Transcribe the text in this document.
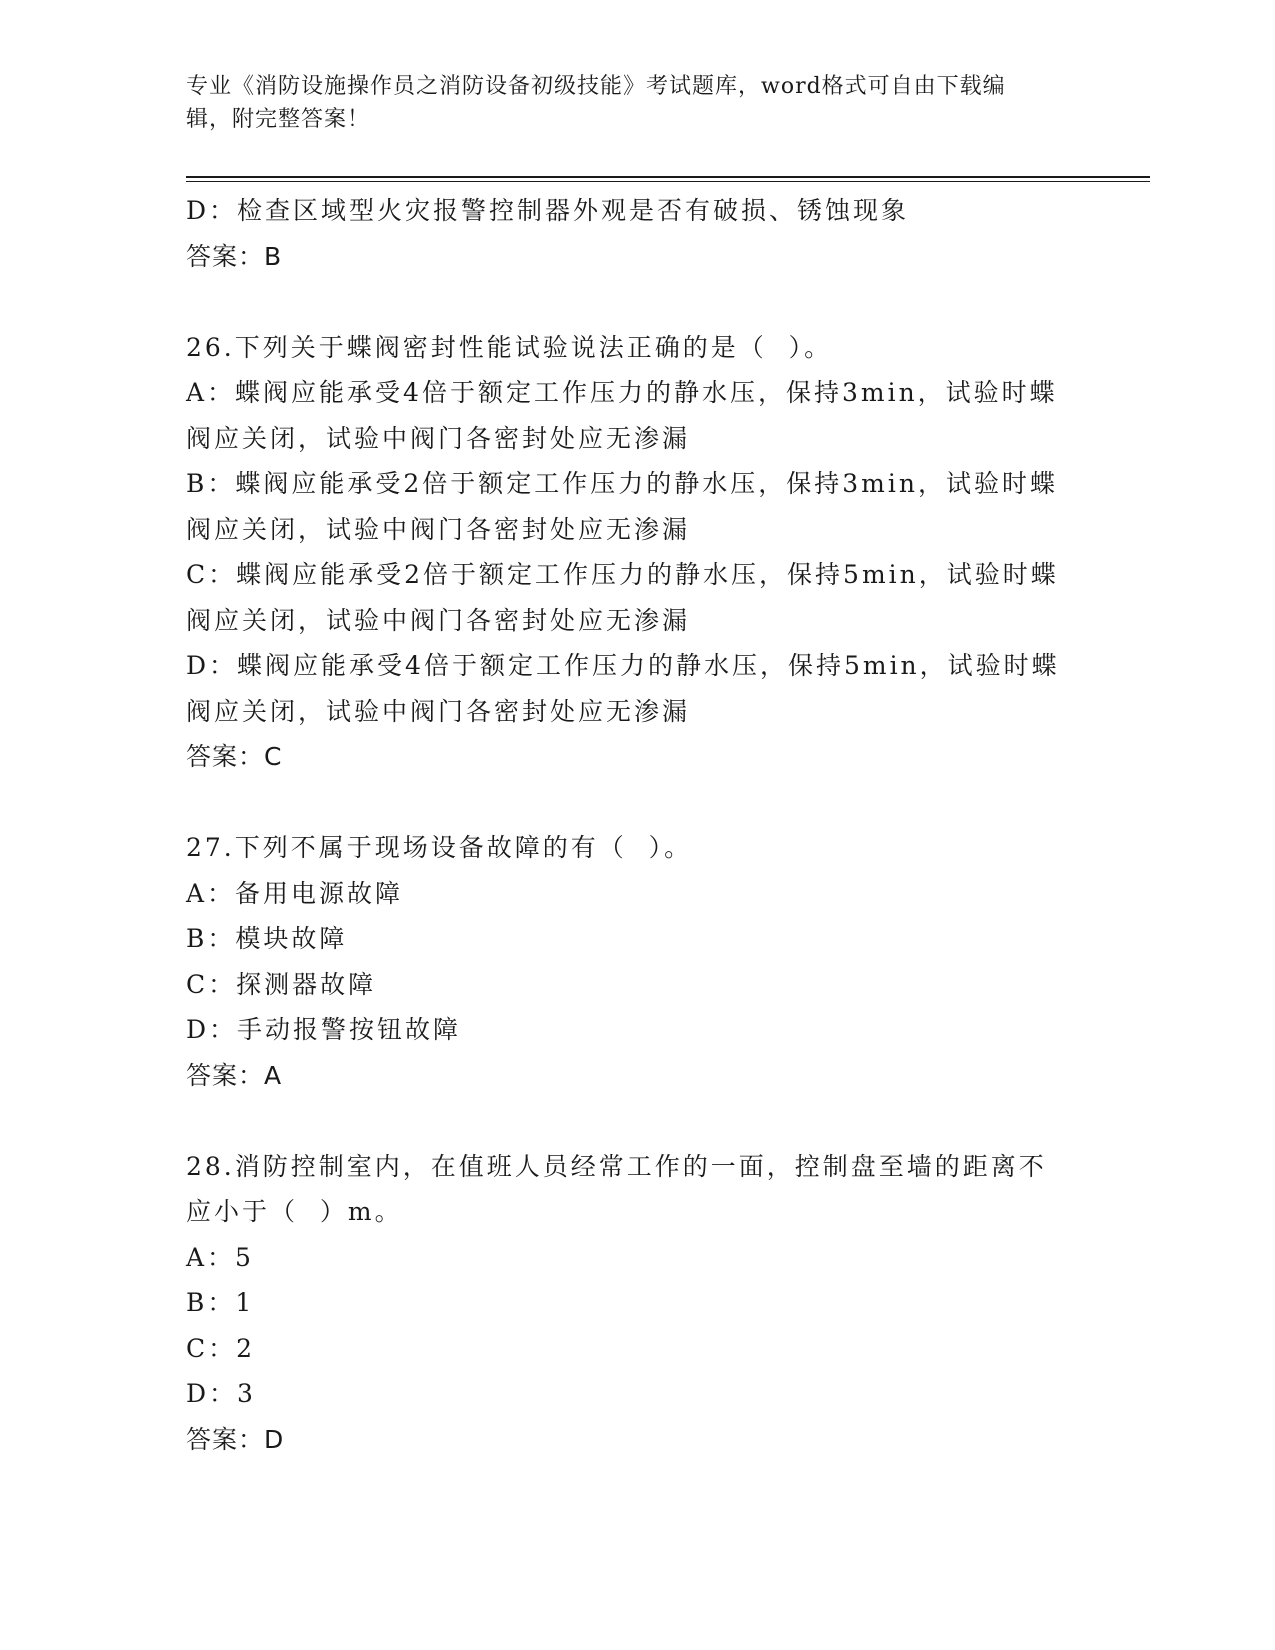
专业《消防设施操作员之消防设备初级技能》考试题库，word格式可自由下载编
辑，附完整答案！
D：检查区域型火灾报警控制器外观是否有破损、锈蚀现象
答案：B
26.下列关于蝶阀密封性能试验说法正确的是（  ）。
A：蝶阀应能承受4倍于额定工作压力的静水压，保持3min，试验时蝶
阀应关闭，试验中阀门各密封处应无渗漏
B：蝶阀应能承受2倍于额定工作压力的静水压，保持3min，试验时蝶
阀应关闭，试验中阀门各密封处应无渗漏
C：蝶阀应能承受2倍于额定工作压力的静水压，保持5min，试验时蝶
阀应关闭，试验中阀门各密封处应无渗漏
D：蝶阀应能承受4倍于额定工作压力的静水压，保持5min，试验时蝶
阀应关闭，试验中阀门各密封处应无渗漏
答案：C
27.下列不属于现场设备故障的有（  ）。
A：备用电源故障
B：模块故障
C：探测器故障
D：手动报警按钮故障
答案：A
28.消防控制室内，在值班人员经常工作的一面，控制盘至墙的距离不
应小于（  ）m。
A：5
B：1
C：2
D：3
答案：D
